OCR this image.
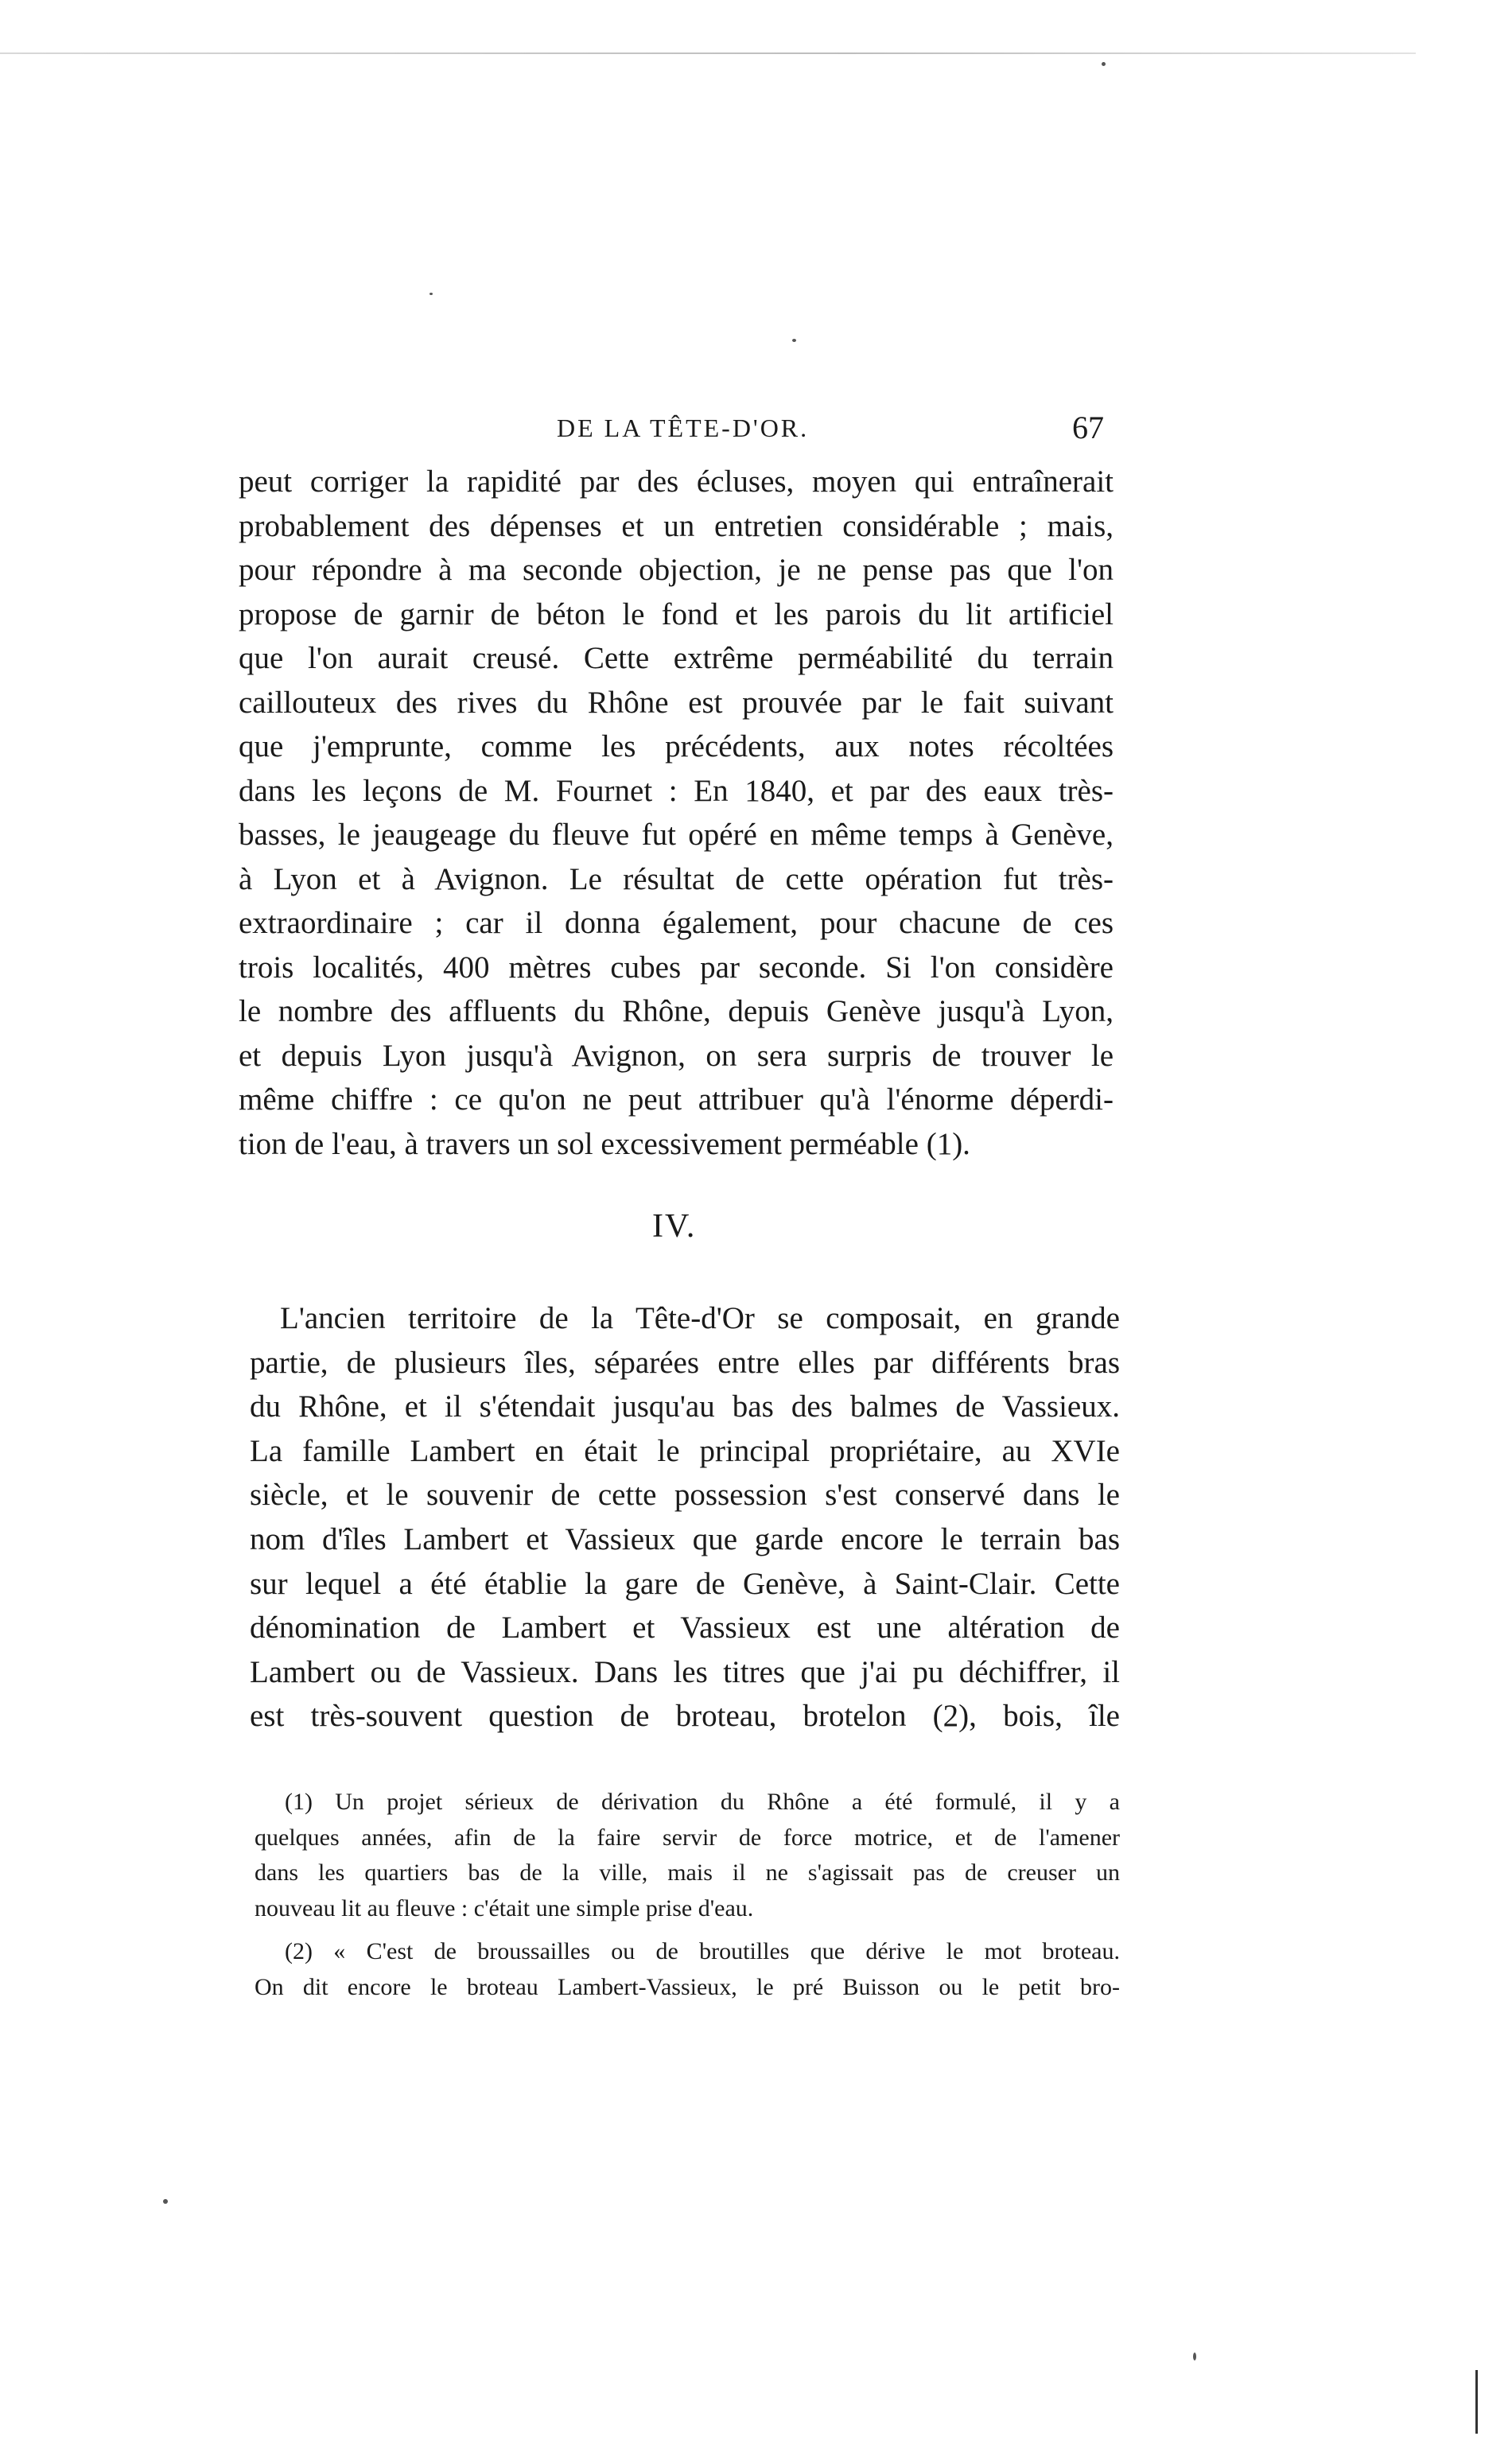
DE LA TÊTE-D'OR.	67
peut corriger la rapidité par des écluses, moyen qui entraînerait
probablement des dépenses et un entretien considérable ; mais,
pour répondre à ma seconde objection, je ne pense pas que l'on
propose de garnir de béton le fond et les parois du lit artificiel
que l'on aurait creusé. Cette extrême perméabilité du terrain
caillouteux des rives du Rhône est prouvée par le fait suivant
que j'emprunte, comme les précédents, aux notes récoltées
dans les leçons de M. Fournet : En 1840, et par des eaux très-
basses, le jeaugeage du fleuve fut opéré en même temps à Genève,
à Lyon et à Avignon. Le résultat de cette opération fut très-
extraordinaire ; car il donna également, pour chacune de ces
trois localités, 400 mètres cubes par seconde. Si l'on considère
le nombre des affluents du Rhône, depuis Genève jusqu'à Lyon,
et depuis Lyon jusqu'à Avignon, on sera surpris de trouver le
même chiffre : ce qu'on ne peut attribuer qu'à l'énorme déperdi-
tion de l'eau, à travers un sol excessivement perméable (1).
IV.
L'ancien territoire de la Tête-d'Or se composait, en grande
partie, de plusieurs îles, séparées entre elles par différents bras
du Rhône, et il s'étendait jusqu'au bas des balmes de Vassieux.
La famille Lambert en était le principal propriétaire, au XVIe
siècle, et le souvenir de cette possession s'est conservé dans le
nom d'îles Lambert et Vassieux que garde encore le terrain bas
sur lequel a été établie la gare de Genève, à Saint-Clair. Cette
dénomination de Lambert et Vassieux est une altération de
Lambert ou de Vassieux. Dans les titres que j'ai pu déchiffrer, il
est très-souvent question de broteau, brotelon (2), bois, île
(1) Un projet sérieux de dérivation du Rhône a été formulé, il y a
quelques années, afin de la faire servir de force motrice, et de l'amener
dans les quartiers bas de la ville, mais il ne s'agissait pas de creuser un
nouveau lit au fleuve : c'était une simple prise d'eau.
(2) « C'est de broussailles ou de broutilles que dérive le mot broteau.
On dit encore le broteau Lambert-Vassieux, le pré Buisson ou le petit bro-
